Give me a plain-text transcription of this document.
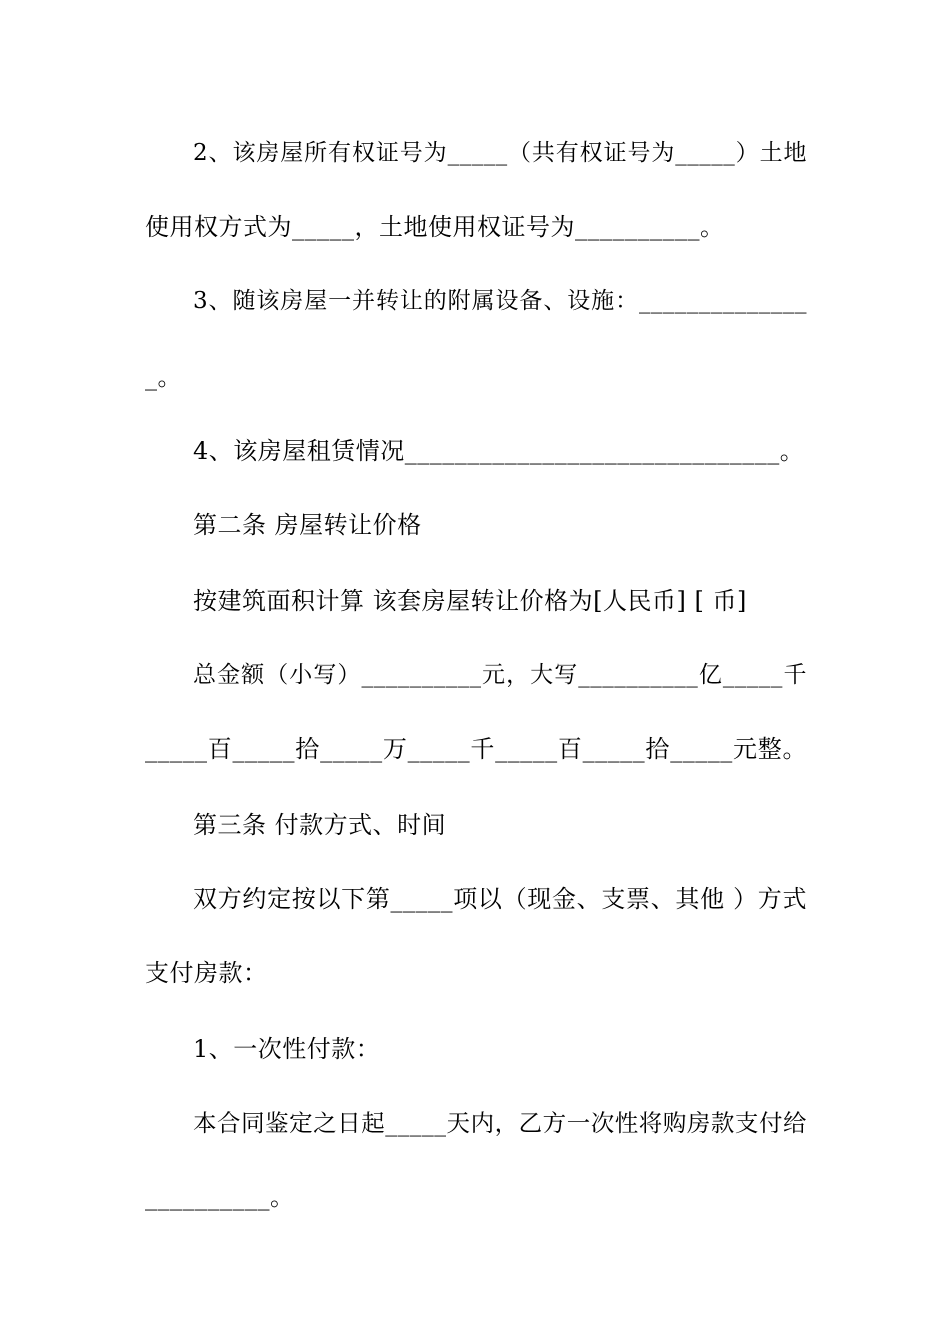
2、该房屋所有权证号为_____（共有权证号为_____）土地
使用权方式为_____，土地使用权证号为__________。
3、随该房屋一并转让的附属设备、设施：______________
_。
4、该房屋租赁情况______________________________。
第二条 房屋转让价格
按建筑面积计算 该套房屋转让价格为[人民币] [ 币]
总金额（小写）__________元，大写__________亿_____千
_____百_____拾_____万_____千_____百_____拾_____元整。
第三条 付款方式、时间
双方约定按以下第_____项以（现金、支票、其他 ）方式
支付房款：
1、一次性付款：
本合同鉴定之日起_____天内，乙方一次性将购房款支付给
__________。
